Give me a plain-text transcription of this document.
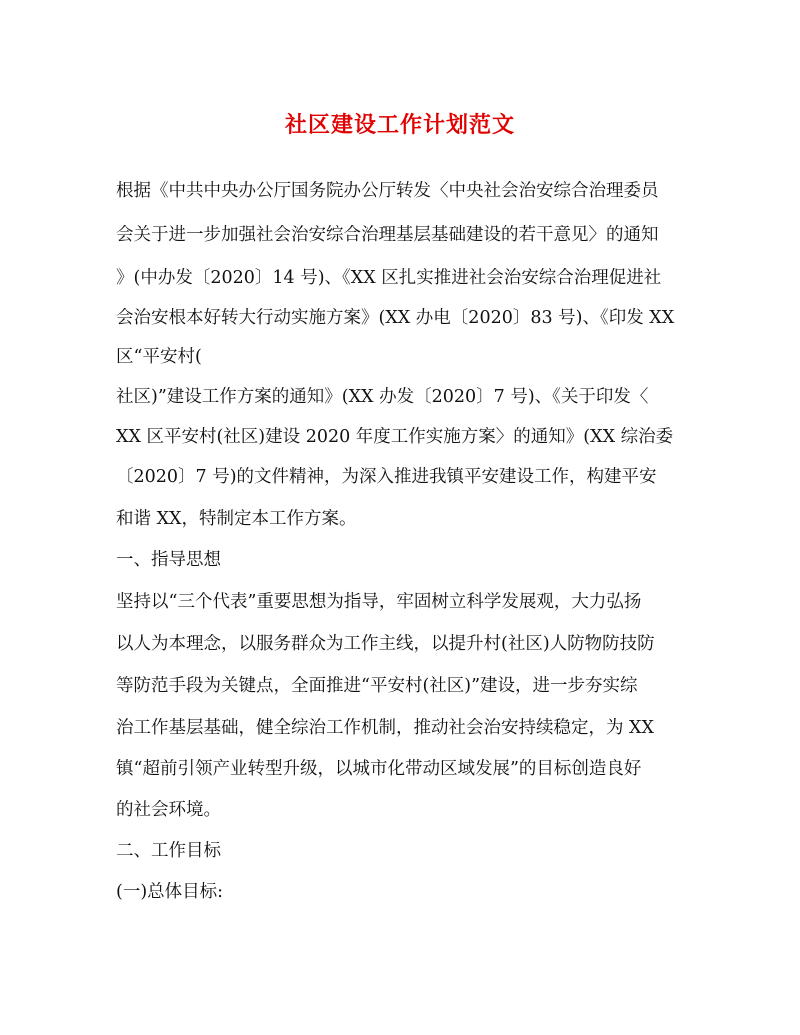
社区建设工作计划范文
根据《中共中央办公厅国务院办公厅转发〈中央社会治安综合治理委员
会关于进一步加强社会治安综合治理基层基础建设的若干意见〉的通知
》(中办发〔2020〕14 号)、《XX 区扎实推进社会治安综合治理促进社
会治安根本好转大行动实施方案》(XX 办电〔2020〕83 号)、《印发 XX
区“平安村(
社区)”建设工作方案的通知》(XX 办发〔2020〕7 号)、《关于印发〈
XX 区平安村(社区)建设 2020 年度工作实施方案〉的通知》(XX 综治委
〔2020〕7 号)的文件精神，为深入推进我镇平安建设工作，构建平安
和谐 XX，特制定本工作方案。
一、指导思想
坚持以“三个代表”重要思想为指导，牢固树立科学发展观，大力弘扬
以人为本理念，以服务群众为工作主线，以提升村(社区)人防物防技防
等防范手段为关键点，全面推进“平安村(社区)”建设，进一步夯实综
治工作基层基础，健全综治工作机制，推动社会治安持续稳定，为 XX
镇“超前引领产业转型升级，以城市化带动区域发展”的目标创造良好
的社会环境。
二、工作目标
(一)总体目标:
